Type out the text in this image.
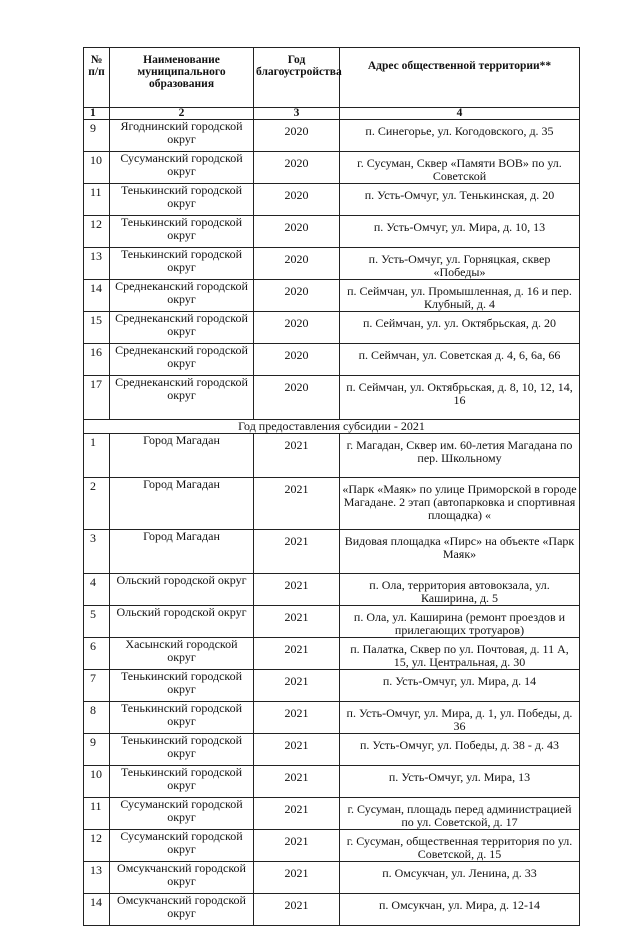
№ п/п	Наименование муниципального образования	Год благоустройства	Адрес общественной территории**
1	2	3	4
9	Ягоднинский городской округ	2020	п. Синегорье, ул. Когодовского, д. 35
10	Сусуманский городской округ	2020	г. Сусуман, Сквер «Памяти ВОВ» по ул. Советской
11	Тенькинский городской округ	2020	п. Усть-Омчуг, ул. Тенькинская, д. 20
12	Тенькинский городской округ	2020	п. Усть-Омчуг, ул. Мира, д. 10, 13
13	Тенькинский городской округ	2020	п. Усть-Омчуг, ул. Горняцкая, сквер «Победы»
14	Среднеканский городской округ	2020	п. Сеймчан, ул. Промышленная, д. 16 и пер. Клубный, д. 4
15	Среднеканский городской округ	2020	п. Сеймчан, ул. ул. Октябрьская, д. 20
16	Среднеканский городской округ	2020	п. Сеймчан, ул. Советская д. 4, 6, 6а, 66
17	Среднеканский городской округ	2020	п. Сеймчан, ул. Октябрьская, д. 8, 10, 12, 14, 16
Год предоставления субсидии - 2021			
1	Город Магадан	2021	г. Магадан, Сквер им. 60-летия Магадана по пер. Школьному
2	Город Магадан	2021	«Парк «Маяк» по улице Приморской в городе Магадане. 2 этап (автопарковка и спортивная площадка) «
3	Город Магадан	2021	Видовая площадка «Пирс» на объекте «Парк Маяк»
4	Ольский городской округ	2021	п. Ола, территория автовокзала, ул. Каширина, д. 5
5	Ольский городской округ	2021	п. Ола, ул. Каширина (ремонт проездов и прилегающих тротуаров)
6	Хасынский городской округ	2021	п. Палатка, Сквер по ул. Почтовая, д. 11 А, 15, ул. Центральная, д. 30
7	Тенькинский городской округ	2021	п. Усть-Омчуг, ул. Мира, д. 14
8	Тенькинский городской округ	2021	п. Усть-Омчуг, ул. Мира, д. 1, ул. Победы, д. 36
9	Тенькинский городской округ	2021	п. Усть-Омчуг, ул. Победы, д. 38 - д. 43
10	Тенькинский городской округ	2021	п. Усть-Омчуг, ул. Мира, 13
11	Сусуманский городской округ	2021	г. Сусуман, площадь перед администрацией по ул. Советской, д. 17
12	Сусуманский городской округ	2021	г. Сусуман, общественная территория по ул. Советской, д. 15
13	Омсукчанский городской округ	2021	п. Омсукчан, ул. Ленина, д. 33
14	Омсукчанский городской округ	2021	п. Омсукчан, ул. Мира, д. 12-14
